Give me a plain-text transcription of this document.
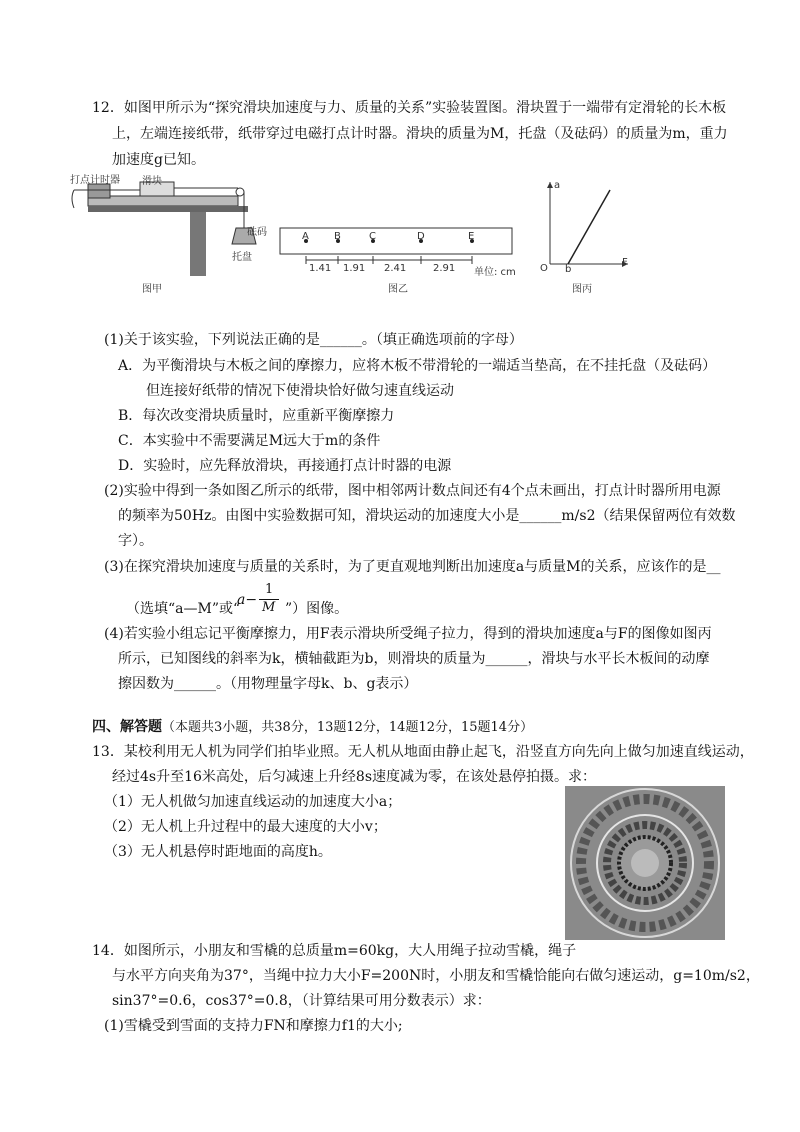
12．如图甲所示为“探究滑块加速度与力、质量的关系”实验装置图。滑块置于一端带有定滑轮的长木板
上，左端连接纸带，纸带穿过电磁打点计时器。滑块的质量为M，托盘（及砝码）的质量为m，重力
加速度g已知。
打点计时器 滑块
砝码
托盘
图甲
A	B	C	D	E
1.41 1.91 2.41	2.91 单位: cm
图乙
a
F
O b
图丙
(1)关于该实验，下列说法正确的是______。（填正确选项前的字母）
A．为平衡滑块与木板之间的摩擦力，应将木板不带滑轮的一端适当垫高，在不挂托盘（及砝码）
但连接好纸带的情况下使滑块恰好做匀速直线运动
B．每次改变滑块质量时，应重新平衡摩擦力
C．本实验中不需要满足M远大于m的条件
D．实验时，应先释放滑块，再接通打点计时器的电源
(2)实验中得到一条如图乙所示的纸带，图中相邻两计数点间还有4个点未画出，打点计时器所用电源
的频率为50Hz。由图中实验数据可知，滑块运动的加速度大小是______m/s2（结果保留两位有效数
字）。
(3)在探究滑块加速度与质量的关系时，为了更直观地判断出加速度a与质量M的关系，应该作的是__
（选填“a—M”或“
a−
1
M ”）图像。
(4)若实验小组忘记平衡摩擦力，用F表示滑块所受绳子拉力，得到的滑块加速度a与F的图像如图丙
所示，已知图线的斜率为k，横轴截距为b，则滑块的质量为______，滑块与水平长木板间的动摩
擦因数为______。（用物理量字母k、b、g表示）
四、解答题（本题共3小题，共38分，13题12分，14题12分，15题14分）
13．某校利用无人机为同学们拍毕业照。无人机从地面由静止起飞，沿竖直方向先向上做匀加速直线运动，
经过4s升至16米高处，后匀减速上升经8s速度减为零，在该处悬停拍摄。求：
（1）无人机做匀加速直线运动的加速度大小a；
（2）无人机上升过程中的最大速度的大小v；
（3）无人机悬停时距地面的高度h。
14．如图所示，小朋友和雪橇的总质量m=60kg，大人用绳子拉动雪橇，绳子
与水平方向夹角为37°，当绳中拉力大小F=200N时，小朋友和雪橇恰能向右做匀速运动，g=10m/s2，
sin37°=0.6，cos37°=0.8，（计算结果可用分数表示）求：
(1)雪橇受到雪面的支持力FN和摩擦力f1的大小;
